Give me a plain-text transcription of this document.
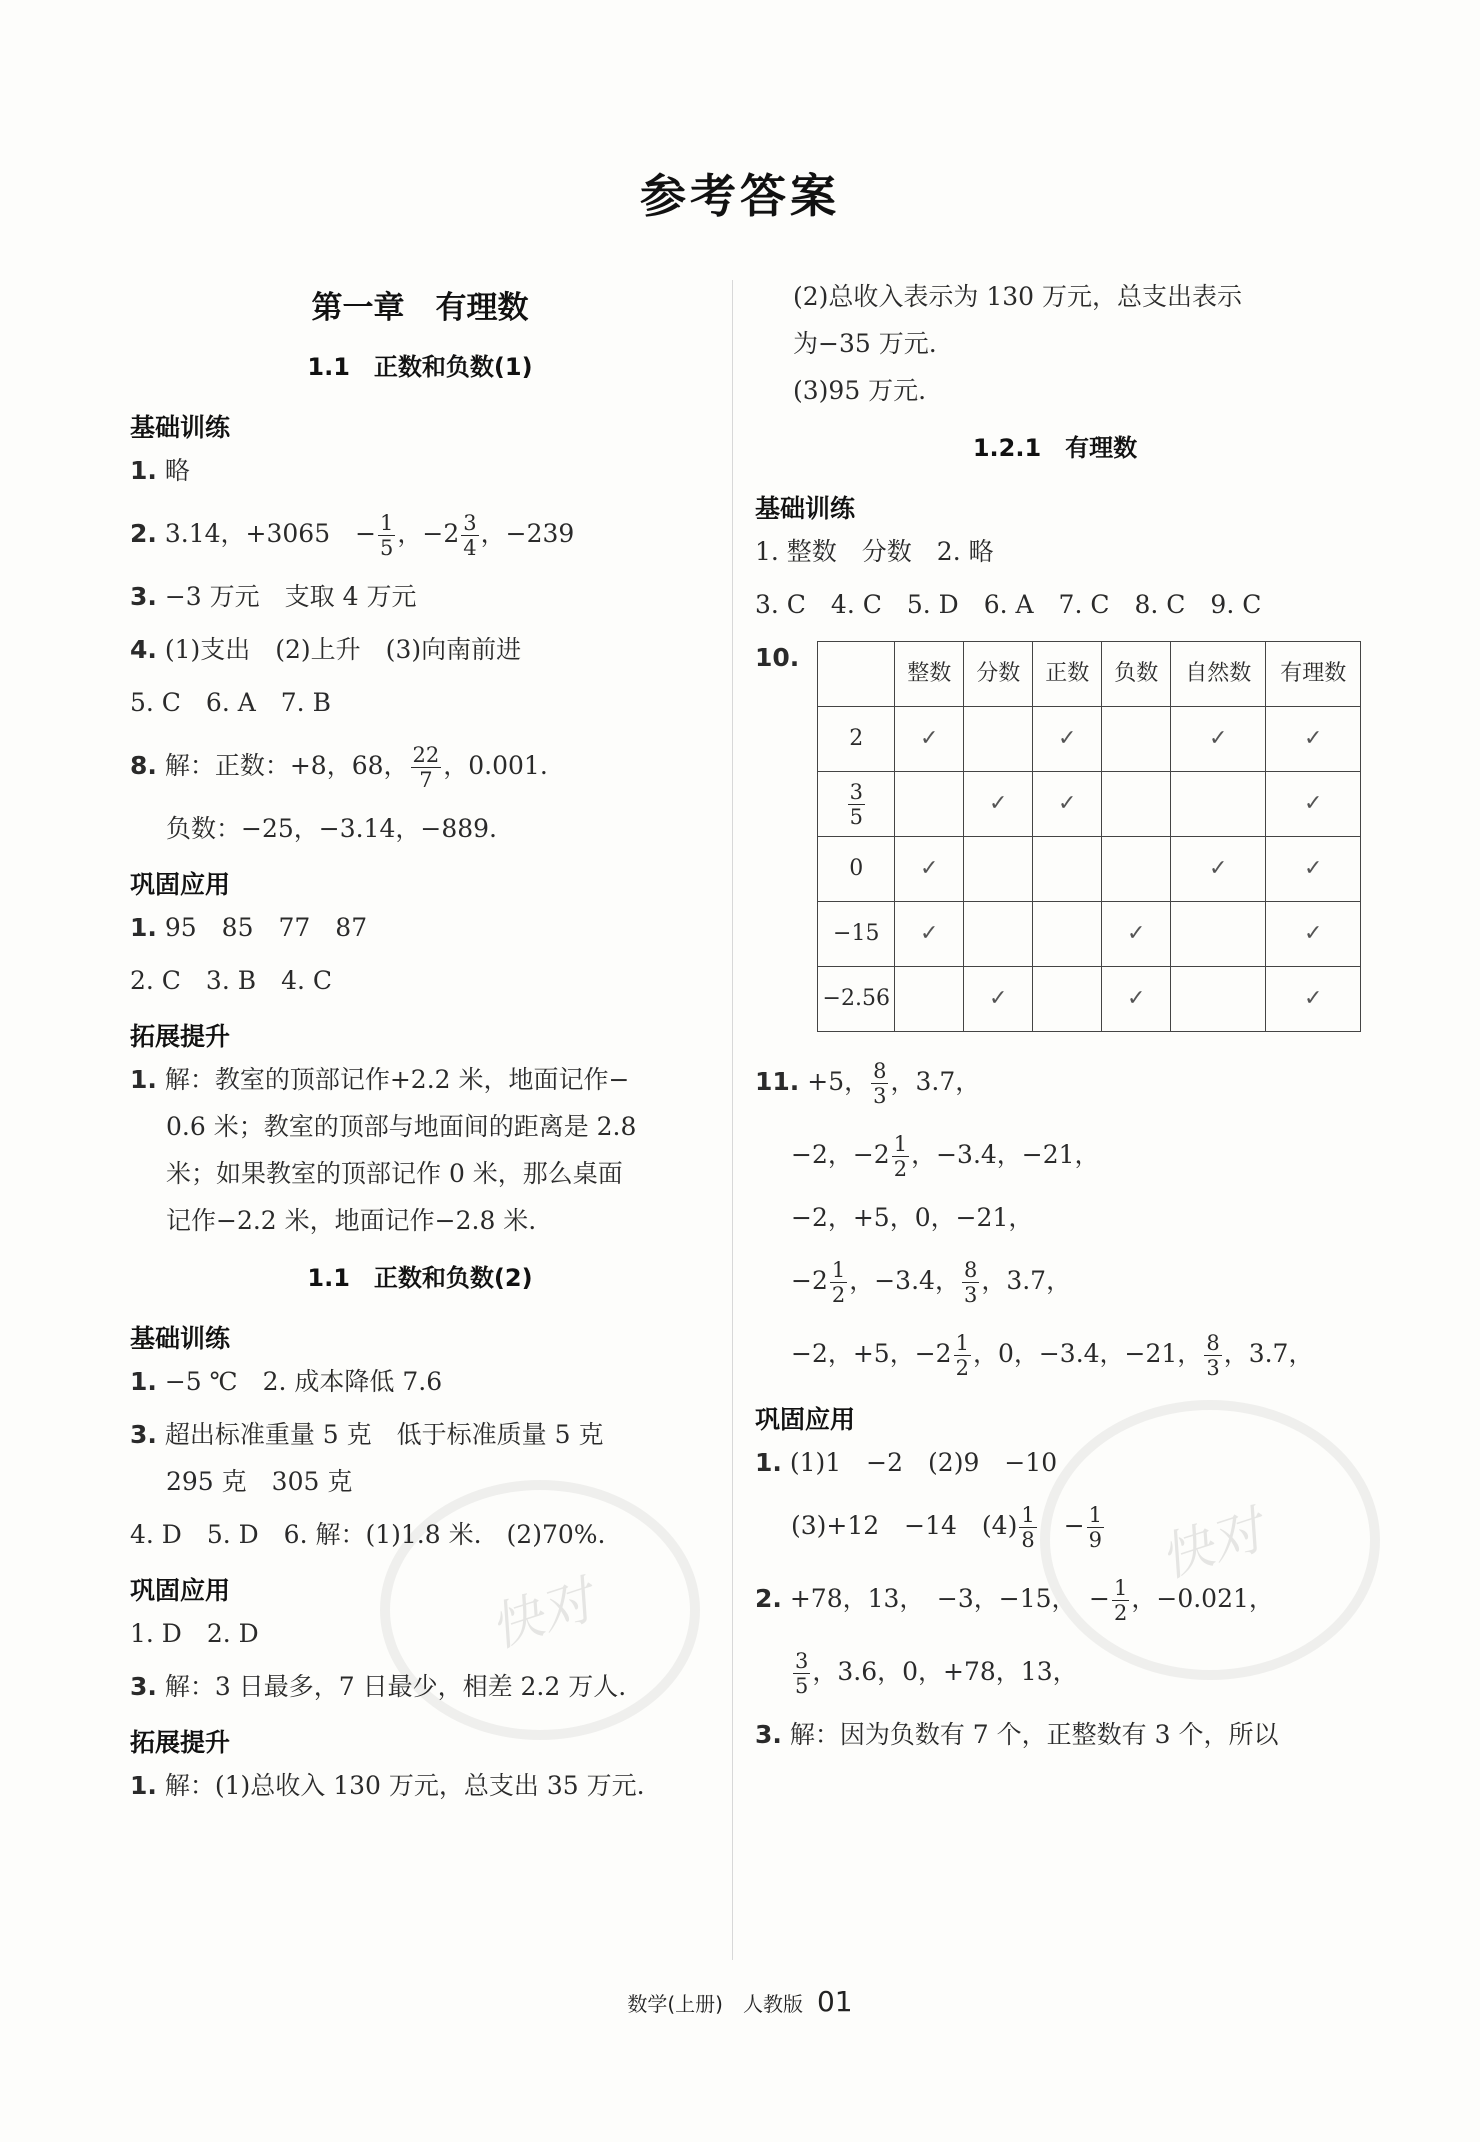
参考答案
快对
快对
第一章　有理数
1.1　正数和负数(1)
基础训练
1. 略
2. 3.14，+3065　− $\frac{1}{5}$ ，$-2 \frac{3}{4}$ ，−239
3. −3 万元　支取 4 万元
4. (1)支出　(2)上升　(3)向南前进
5. C　6. A　7. B
8. 解：正数：+8，68， $\frac{22}{7}$ ，0.001.
负数：−25，−3.14，−889.
巩固应用
1. 95　85　77　87
2. C　3. B　4. C
拓展提升
1. 解：教室的顶部记作+2.2 米，地面记作−
0.6 米；教室的顶部与地面间的距离是 2.8
米；如果教室的顶部记作 0 米，那么桌面
记作−2.2 米，地面记作−2.8 米.
1.1　正数和负数(2)
基础训练
1. −5 ℃　2. 成本降低 7.6
3. 超出标准重量 5 克　低于标准质量 5 克
295 克　305 克
4. D　5. D　6. 解：(1)1.8 米.　(2)70%.
巩固应用
1. D　2. D
3. 解：3 日最多，7 日最少，相差 2.2 万人.
拓展提升
1. 解：(1)总收入 130 万元，总支出 35 万元.
(2)总收入表示为 130 万元，总支出表示
为−35 万元.
(3)95 万元.
1.2.1　有理数
基础训练
1. 整数　分数　2. 略
3. C　4. C　5. D　6. A　7. C　8. C　9. C
10.	整数	分数	正数	负数	自然数	有理数
2	✓		✓		✓	✓

$\frac{3}{5}$		✓	✓			✓
0	✓				✓	✓
−15	✓			✓		✓
−2.56		✓		✓		✓
11. +5， $\frac{8}{3}$ ，3.7，
−2，$-2 \frac{1}{2}$ ，−3.4，−21，
−2，+5，0，−21，
$-2 \frac{1}{2}$ ，−3.4， $\frac{8}{3}$ ，3.7，
−2，+5，$-2 \frac{1}{2}$ ，0，−3.4，−21， $\frac{8}{3}$ ，3.7，
巩固应用
1. (1)1　−2　(2)9　−10
(3)+12　−14　$(4) \frac{1}{8}$ 　− $\frac{1}{9}$
2. +78，13，　−3，−15，　− $\frac{1}{2}$ ，−0.021，
$\frac{3}{5}$ ，3.6，0，+78，13，
3. 解：因为负数有 7 个，正整数有 3 个，所以
数学(上册)　人教版 01
